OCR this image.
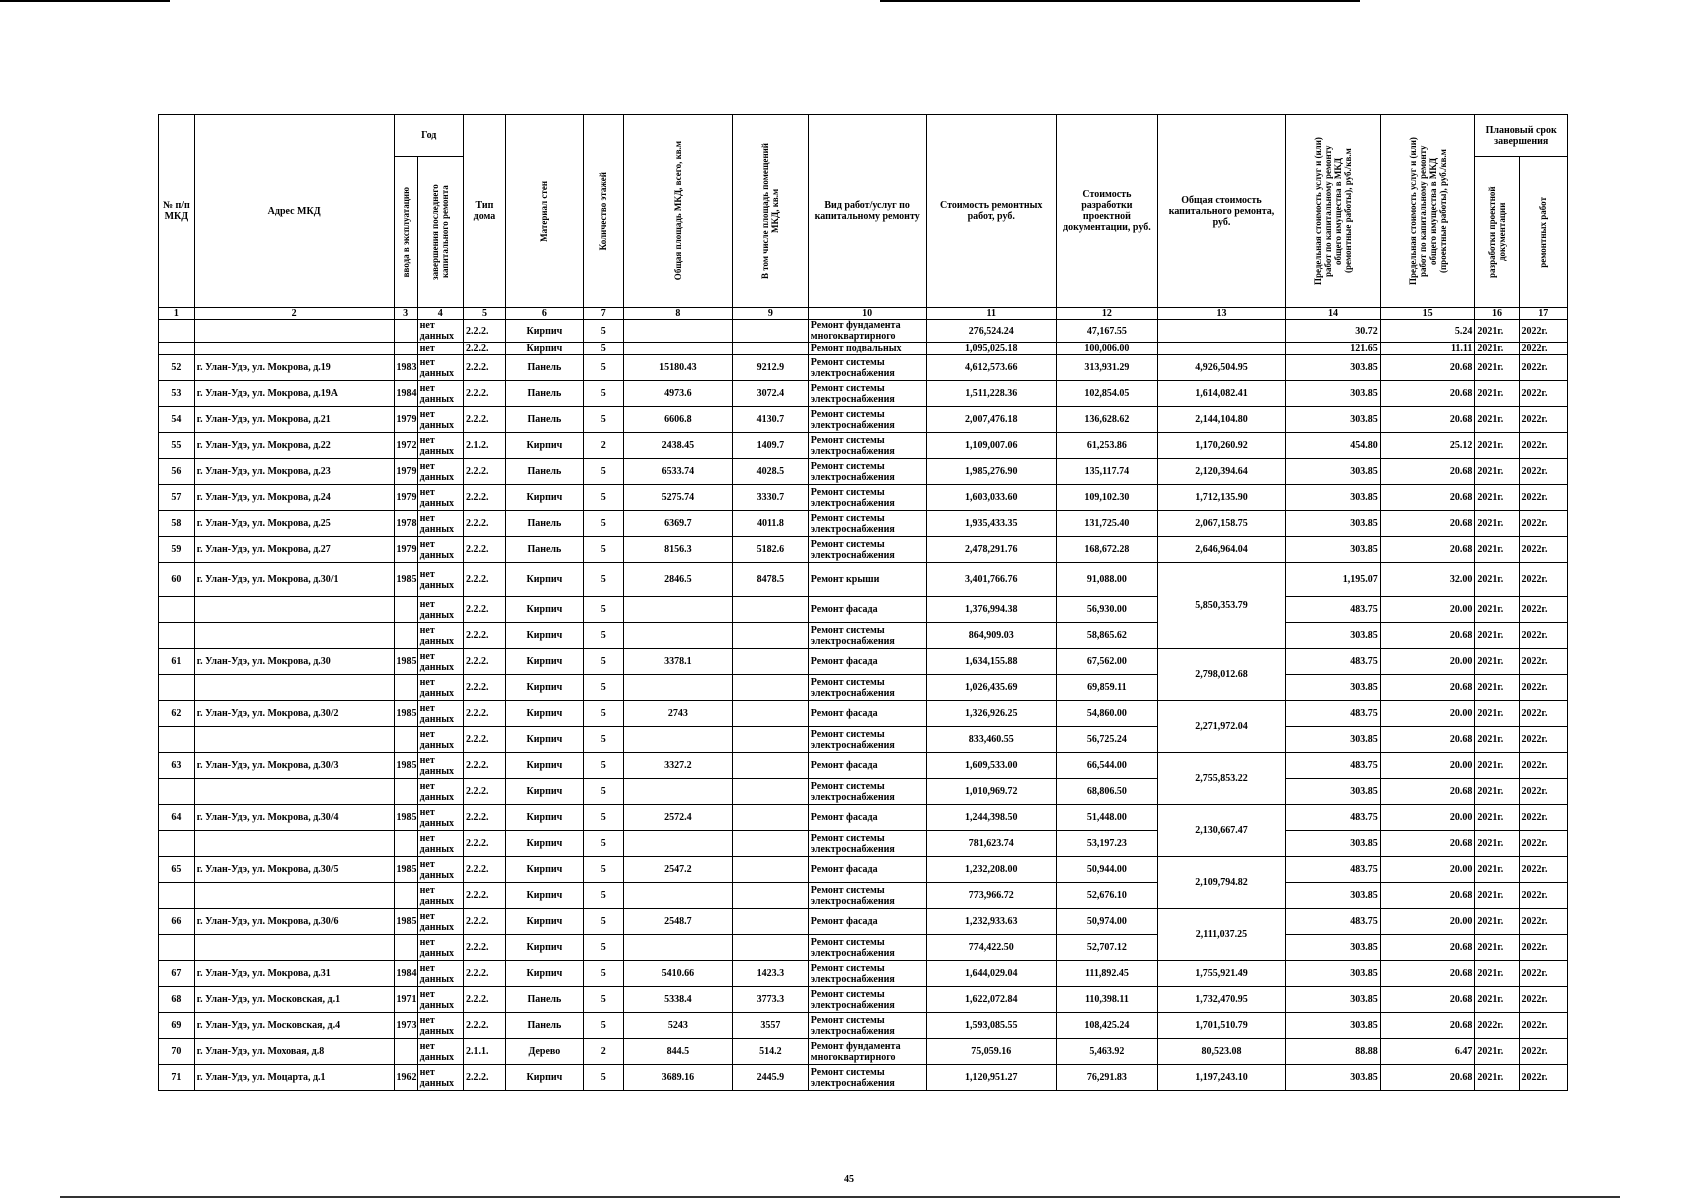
№ п/п МКД	Адрес МКД	Год		Тип дома	Материал стен	Количество этажей	Общая площадь МКД, всего, кв.м	В том числе площадь помещений МКД, кв.м	Вид работ/услуг по капитальному ремонту	Стоимость ремонтных работ, руб.	Стоимость разработки проектной документации, руб.	Общая стоимость капитального ремонта, руб.	Предельная стоимость услуг и (или) работ по капитальному ремонту общего имущества в МКД (ремонтные работы), руб./кв.м	Предельная стоимость услуг и (или) работ по капитальному ремонту общего имущества в МКД (проектные работы), руб./кв.м	Плановый срок завершения	

		ввода в эксплуатацию	завершения последнего капитального ремонта												разработки проектной документации	ремонтных работ

1	2	3	4	5	6	7	8	9	10	11	12	13	14	15	16	17
			нет данных	2.2.2.	Кирпич	5			Ремонт фундамента многоквартирного	276,524.24	47,167.55		30.72	5.24	2021г.	2022г.
			нет	2.2.2.	Кирпич	5			Ремонт подвальных	1,095,025.18	100,006.00		121.65	11.11	2021г.	2022г.
52	г. Улан-Удэ, ул. Мокрова, д.19	1983	нет данных	2.2.2.	Панель	5	15180.43	9212.9	Ремонт системы электроснабжения	4,612,573.66	313,931.29	4,926,504.95	303.85	20.68	2021г.	2022г.
53	г. Улан-Удэ, ул. Мокрова, д.19А	1984	нет данных	2.2.2.	Панель	5	4973.6	3072.4	Ремонт системы электроснабжения	1,511,228.36	102,854.05	1,614,082.41	303.85	20.68	2021г.	2022г.
54	г. Улан-Удэ, ул. Мокрова, д.21	1979	нет данных	2.2.2.	Панель	5	6606.8	4130.7	Ремонт системы электроснабжения	2,007,476.18	136,628.62	2,144,104.80	303.85	20.68	2021г.	2022г.
55	г. Улан-Удэ, ул. Мокрова, д.22	1972	нет данных	2.1.2.	Кирпич	2	2438.45	1409.7	Ремонт системы электроснабжения	1,109,007.06	61,253.86	1,170,260.92	454.80	25.12	2021г.	2022г.
56	г. Улан-Удэ, ул. Мокрова, д.23	1979	нет данных	2.2.2.	Панель	5	6533.74	4028.5	Ремонт системы электроснабжения	1,985,276.90	135,117.74	2,120,394.64	303.85	20.68	2021г.	2022г.
57	г. Улан-Удэ, ул. Мокрова, д.24	1979	нет данных	2.2.2.	Кирпич	5	5275.74	3330.7	Ремонт системы электроснабжения	1,603,033.60	109,102.30	1,712,135.90	303.85	20.68	2021г.	2022г.
58	г. Улан-Удэ, ул. Мокрова, д.25	1978	нет данных	2.2.2.	Панель	5	6369.7	4011.8	Ремонт системы электроснабжения	1,935,433.35	131,725.40	2,067,158.75	303.85	20.68	2021г.	2022г.
59	г. Улан-Удэ, ул. Мокрова, д.27	1979	нет данных	2.2.2.	Панель	5	8156.3	5182.6	Ремонт системы электроснабжения	2,478,291.76	168,672.28	2,646,964.04	303.85	20.68	2021г.	2022г.
60	г. Улан-Удэ, ул. Мокрова, д.30/1	1985	нет данных	2.2.2.	Кирпич	5	2846.5	8478.5	Ремонт крыши	3,401,766.76	91,088.00	5,850,353.79	1,195.07	32.00	2021г.	2022г.
			нет данных	2.2.2.	Кирпич	5			Ремонт фасада	1,376,994.38	56,930.00		483.75	20.00	2021г.	2022г.
			нет данных	2.2.2.	Кирпич	5			Ремонт системы электроснабжения	864,909.03	58,865.62		303.85	20.68	2021г.	2022г.
61	г. Улан-Удэ, ул. Мокрова, д.30	1985	нет данных	2.2.2.	Кирпич	5	3378.1		Ремонт фасада	1,634,155.88	67,562.00	2,798,012.68	483.75	20.00	2021г.	2022г.
			нет данных	2.2.2.	Кирпич	5			Ремонт системы электроснабжения	1,026,435.69	69,859.11		303.85	20.68	2021г.	2022г.
62	г. Улан-Удэ, ул. Мокрова, д.30/2	1985	нет данных	2.2.2.	Кирпич	5	2743		Ремонт фасада	1,326,926.25	54,860.00	2,271,972.04	483.75	20.00	2021г.	2022г.
			нет данных	2.2.2.	Кирпич	5			Ремонт системы электроснабжения	833,460.55	56,725.24		303.85	20.68	2021г.	2022г.
63	г. Улан-Удэ, ул. Мокрова, д.30/3	1985	нет данных	2.2.2.	Кирпич	5	3327.2		Ремонт фасада	1,609,533.00	66,544.00	2,755,853.22	483.75	20.00	2021г.	2022г.
			нет данных	2.2.2.	Кирпич	5			Ремонт системы электроснабжения	1,010,969.72	68,806.50		303.85	20.68	2021г.	2022г.
64	г. Улан-Удэ, ул. Мокрова, д.30/4	1985	нет данных	2.2.2.	Кирпич	5	2572.4		Ремонт фасада	1,244,398.50	51,448.00	2,130,667.47	483.75	20.00	2021г.	2022г.
			нет данных	2.2.2.	Кирпич	5			Ремонт системы электроснабжения	781,623.74	53,197.23		303.85	20.68	2021г.	2022г.
65	г. Улан-Удэ, ул. Мокрова, д.30/5	1985	нет данных	2.2.2.	Кирпич	5	2547.2		Ремонт фасада	1,232,208.00	50,944.00	2,109,794.82	483.75	20.00	2021г.	2022г.
			нет данных	2.2.2.	Кирпич	5			Ремонт системы электроснабжения	773,966.72	52,676.10		303.85	20.68	2021г.	2022г.
66	г. Улан-Удэ, ул. Мокрова, д.30/6	1985	нет данных	2.2.2.	Кирпич	5	2548.7		Ремонт фасада	1,232,933.63	50,974.00	2,111,037.25	483.75	20.00	2021г.	2022г.
			нет данных	2.2.2.	Кирпич	5			Ремонт системы электроснабжения	774,422.50	52,707.12		303.85	20.68	2021г.	2022г.
67	г. Улан-Удэ, ул. Мокрова, д.31	1984	нет данных	2.2.2.	Кирпич	5	5410.66	1423.3	Ремонт системы электроснабжения	1,644,029.04	111,892.45	1,755,921.49	303.85	20.68	2021г.	2022г.
68	г. Улан-Удэ, ул. Московская, д.1	1971	нет данных	2.2.2.	Панель	5	5338.4	3773.3	Ремонт системы электроснабжения	1,622,072.84	110,398.11	1,732,470.95	303.85	20.68	2021г.	2022г.
69	г. Улан-Удэ, ул. Московская, д.4	1973	нет данных	2.2.2.	Панель	5	5243	3557	Ремонт системы электроснабжения	1,593,085.55	108,425.24	1,701,510.79	303.85	20.68	2022г.	2022г.
70	г. Улан-Удэ, ул. Моховая, д.8		нет данных	2.1.1.	Дерево	2	844.5	514.2	Ремонт фундамента многоквартирного	75,059.16	5,463.92	80,523.08	88.88	6.47	2021г.	2022г.
71	г. Улан-Удэ, ул. Моцарта, д.1	1962	нет данных	2.2.2.	Кирпич	5	3689.16	2445.9	Ремонт системы электроснабжения	1,120,951.27	76,291.83	1,197,243.10	303.85	20.68	2021г.	2022г.
45
